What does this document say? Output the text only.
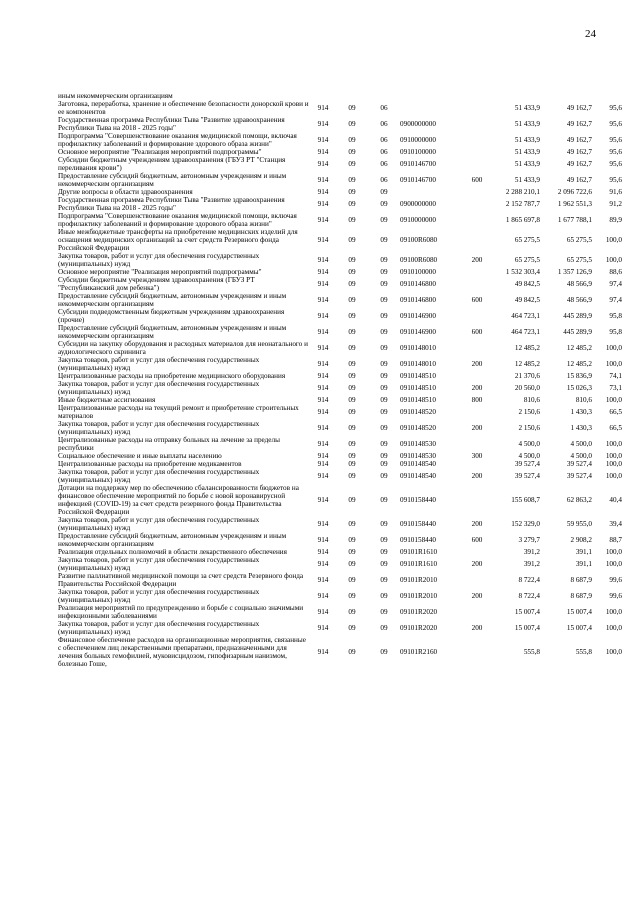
24
иным некоммерческим организациям								
Заготовка, переработка, хранение и обеспечение безопасности донорской крови и ее компонентов	914	09	06			51 433,9	49 162,7	95,6
Государственная программа Республики Тыва "Развитие здравоохранения Республики Тыва на 2018 - 2025 годы"	914	09	06	0900000000		51 433,9	49 162,7	95,6
Подпрограмма "Совершенствование оказания медицинской помощи, включая профилактику заболеваний и формирование здорового образа жизни"	914	09	06	0910000000		51 433,9	49 162,7	95,6
Основное мероприятие "Реализация мероприятий подпрограммы"	914	09	06	0910100000		51 433,9	49 162,7	95,6
Субсидии бюджетным учреждениям здравоохранения (ГБУЗ РТ "Станция переливания крови")	914	09	06	0910146700		51 433,9	49 162,7	95,6
Предоставление субсидий бюджетным, автономным учреждениям и иным некоммерческим организациям	914	09	06	0910146700	600	51 433,9	49 162,7	95,6
Другие вопросы в области здравоохранения	914	09	09			2 288 210,1	2 096 722,6	91,6
Государственная программа Республики Тыва "Развитие здравоохранения Республики Тыва на 2018 - 2025 годы"	914	09	09	0900000000		2 152 787,7	1 962 551,3	91,2
Подпрограмма "Совершенствование оказания медицинской помощи, включая профилактику заболеваний и формирование здорового образа жизни"	914	09	09	0910000000		1 865 697,8	1 677 788,1	89,9
Иные межбюджетные трансферты на приобретение медицинских изделий для оснащения медицинских организаций за счет средств Резервного фонда Российской Федерации	914	09	09	09100R6080		65 275,5	65 275,5	100,0
Закупка товаров, работ и услуг для обеспечения государственных (муниципальных) нужд	914	09	09	09100R6080	200	65 275,5	65 275,5	100,0
Основное мероприятие "Реализация мероприятий подпрограммы"	914	09	09	0910100000		1 532 303,4	1 357 126,9	88,6
Субсидии бюджетным учреждениям здравоохранения (ГБУЗ РТ "Республиканский дом ребенка")	914	09	09	0910146800		49 842,5	48 566,9	97,4
Предоставление субсидий бюджетным, автономным учреждениям и иным некоммерческим организациям	914	09	09	0910146800	600	49 842,5	48 566,9	97,4
Субсидии подведомственным бюджетным учреждениям здравоохранения (прочие)	914	09	09	0910146900		464 723,1	445 289,9	95,8
Предоставление субсидий бюджетным, автономным учреждениям и иным некоммерческим организациям	914	09	09	0910146900	600	464 723,1	445 289,9	95,8
Субсидии на закупку оборудования и расходных материалов для неонатального и аудиологического скрининга	914	09	09	0910148010		12 485,2	12 485,2	100,0
Закупка товаров, работ и услуг для обеспечения государственных (муниципальных) нужд	914	09	09	0910148010	200	12 485,2	12 485,2	100,0
Централизованные расходы на приобретение медицинского оборудования	914	09	09	0910148510		21 370,6	15 836,9	74,1
Закупка товаров, работ и услуг для обеспечения государственных (муниципальных) нужд	914	09	09	0910148510	200	20 560,0	15 026,3	73,1
Иные бюджетные ассигнования	914	09	09	0910148510	800	810,6	810,6	100,0
Централизованные расходы на текущий ремонт и приобретение строительных материалов	914	09	09	0910148520		2 150,6	1 430,3	66,5
Закупка товаров, работ и услуг для обеспечения государственных (муниципальных) нужд	914	09	09	0910148520	200	2 150,6	1 430,3	66,5
Централизованные расходы на отправку больных на лечение за пределы республики	914	09	09	0910148530		4 500,0	4 500,0	100,0
Социальное обеспечение и иные выплаты населению	914	09	09	0910148530	300	4 500,0	4 500,0	100,0
Централизованные расходы на приобретение медикаментов	914	09	09	0910148540		39 527,4	39 527,4	100,0
Закупка товаров, работ и услуг для обеспечения государственных (муниципальных) нужд	914	09	09	0910148540	200	39 527,4	39 527,4	100,0
Дотации на поддержку мер по обеспечению сбалансированности бюджетов на финансовое обеспечение мероприятий по борьбе с новой коронавирусной инфекцией (COVID-19) за счет средств резервного фонда Правительства Российской Федерации	914	09	09	0910158440		155 608,7	62 863,2	40,4
Закупка товаров, работ и услуг для обеспечения государственных (муниципальных) нужд	914	09	09	0910158440	200	152 329,0	59 955,0	39,4
Предоставление субсидий бюджетным, автономным учреждениям и иным некоммерческим организациям	914	09	09	0910158440	600	3 279,7	2 908,2	88,7
Реализация отдельных полномочий в области лекарственного обеспечения	914	09	09	09101R1610		391,2	391,1	100,0
Закупка товаров, работ и услуг для обеспечения государственных (муниципальных) нужд	914	09	09	09101R1610	200	391,2	391,1	100,0
Развитие паллиативной медицинской помощи за счет средств Резервного фонда Правительства Российской Федерации	914	09	09	09101R2010		8 722,4	8 687,9	99,6
Закупка товаров, работ и услуг для обеспечения государственных (муниципальных) нужд	914	09	09	09101R2010	200	8 722,4	8 687,9	99,6
Реализация мероприятий по предупреждению и борьбе с социально значимыми инфекционными заболеваниями	914	09	09	09101R2020		15 007,4	15 007,4	100,0
Закупка товаров, работ и услуг для обеспечения государственных (муниципальных) нужд	914	09	09	09101R2020	200	15 007,4	15 007,4	100,0
Финансовое обеспечение расходов на организационные мероприятия, связанные с обеспечением лиц лекарственными препаратами, предназначенными для лечения больных гемофилией, муковисцидозом, гипофизарным нанизмом, болезнью Гоше,	914	09	09	09101R2160		555,8	555,8	100,0
